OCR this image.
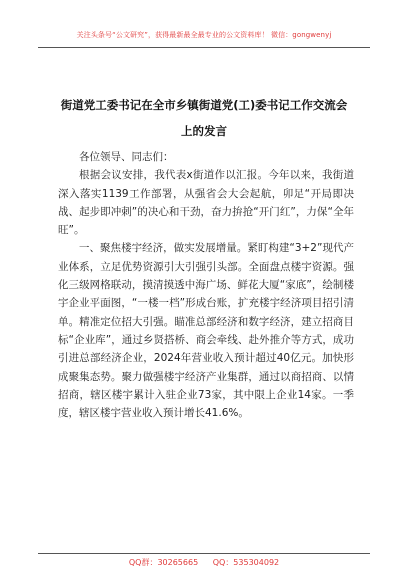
关注头条号“公文研究”，获得最新最全最专业的公文资料库！ 微信：gongwenyj
街道党工委书记在全市乡镇街道党(工)委书记工作交流会
上的发言

各位领导、同志们：

根据会议安排，我代表x街道作以汇报。今年以来，我街道深入落实1139工作部署，从强省会大会起航，卯足“开局即决战、起步即冲刺”的决心和干劲，奋力拚抢“开门红”，力保“全年旺”。

一、聚焦楼宇经济，做实发展增量。紧盯构建“3+2”现代产业体系，立足优势资源引大引强引头部。全面盘点楼宇资源。强化三级网格联动，摸清摸透中海广场、鲜花大厦“家底”，绘制楼宇企业平面图，“一楼一档”形成台账，扩充楼宇经济项目招引清单。精准定位招大引强。瞄准总部经济和数字经济，建立招商目标“企业库”，通过乡贤搭桥、商会牵线、赴外推介等方式，成功引进总部经济企业，2024年营业收入预计超过40亿元。加快形成聚集态势。聚力做强楼宇经济产业集群，通过以商招商、以情招商，辖区楼宇累计入驻企业73家，其中限上企业14家。一季度，辖区楼宇营业收入预计增长41.6%。

QQ群：30265665 QQ：535304092
